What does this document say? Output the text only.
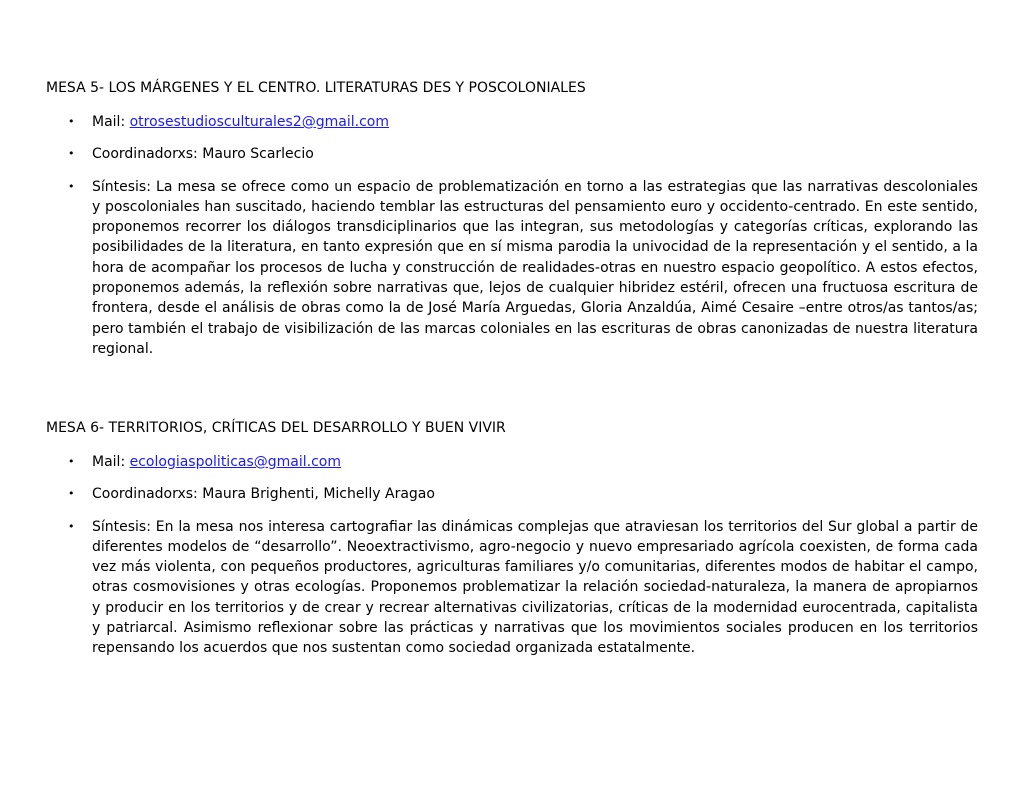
MESA 5- LOS MÁRGENES Y EL CENTRO. LITERATURAS DES Y POSCOLONIALES

• Mail: otrosestudiosculturales2@gmail.com
• Coordinadorxs: Mauro Scarlecio
• Síntesis: La mesa se ofrece como un espacio de problematización en torno a las estrategias que las narrativas descoloniales y poscoloniales han suscitado, haciendo temblar las estructuras del pensamiento euro y occidento-centrado. En este sentido, proponemos recorrer los diálogos transdiciplinarios que las integran, sus metodologías y categorías críticas, explorando las posibilidades de la literatura, en tanto expresión que en sí misma parodia la univocidad de la representación y el sentido, a la hora de acompañar los procesos de lucha y construcción de realidades-otras en nuestro espacio geopolítico. A estos efectos, proponemos además, la reflexión sobre narrativas que, lejos de cualquier hibridez estéril, ofrecen una fructuosa escritura de frontera, desde el análisis de obras como la de José María Arguedas, Gloria Anzaldúa, Aimé Cesaire –entre otros/as tantos/as; pero también el trabajo de visibilización de las marcas coloniales en las escrituras de obras canonizadas de nuestra literatura regional.

MESA 6- TERRITORIOS, CRÍTICAS DEL DESARROLLO Y BUEN VIVIR

• Mail: ecologiaspoliticas@gmail.com
• Coordinadorxs: Maura Brighenti, Michelly Aragao
• Síntesis: En la mesa nos interesa cartografiar las dinámicas complejas que atraviesan los territorios del Sur global a partir de diferentes modelos de “desarrollo”. Neoextractivismo, agro-negocio y nuevo empresariado agrícola coexisten, de forma cada vez más violenta, con pequeños productores, agriculturas familiares y/o comunitarias, diferentes modos de habitar el campo, otras cosmovisiones y otras ecologías. Proponemos problematizar la relación sociedad-naturaleza, la manera de apropiarnos y producir en los territorios y de crear y recrear alternativas civilizatorias, críticas de la modernidad eurocentrada, capitalista y patriarcal. Asimismo reflexionar sobre las prácticas y narrativas que los movimientos sociales producen en los territorios repensando los acuerdos que nos sustentan como sociedad organizada estatalmente.
